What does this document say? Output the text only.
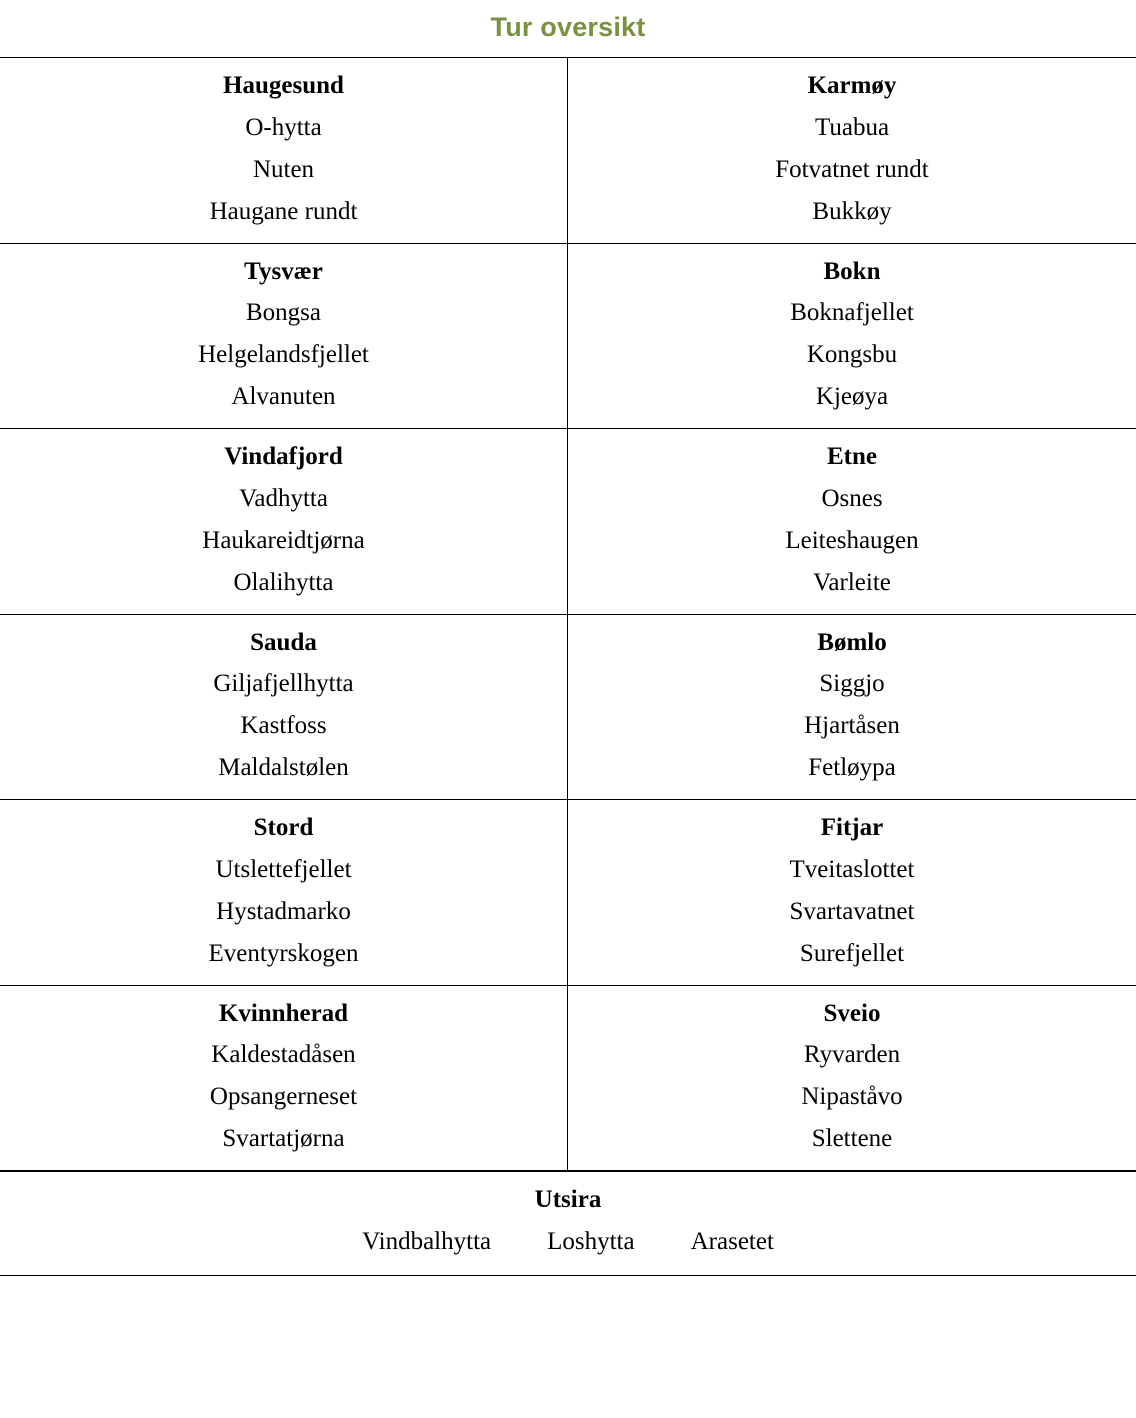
Tur oversikt
Haugesund
O-hytta
Nuten
Haugane rundt
Karmøy
Tuabua
Fotvatnet rundt
Bukkøy
Tysvær
Bongsa
Helgelandsfjellet
Alvanuten
Bokn
Boknafjellet
Kongsbu
Kjeøya
Vindafjord
Vadhytta
Haukareidtjørna
Olalihytta
Etne
Osnes
Leiteshaugen
Varleite
Sauda
Giljafjellhytta
Kastfoss
Maldalstølen
Bømlo
Siggjo
Hjartåsen
Fetløypa
Stord
Utslettefjellet
Hystadmarko
Eventyrskogen
Fitjar
Tveitaslottet
Svartavatnet
Surefjellet
Kvinnherad
Kaldestadåsen
Opsangerneset
Svartatjørna
Sveio
Ryvarden
Nipaståvo
Slettene
Utsira
Vindbalhytta Loshytta Arasetet
